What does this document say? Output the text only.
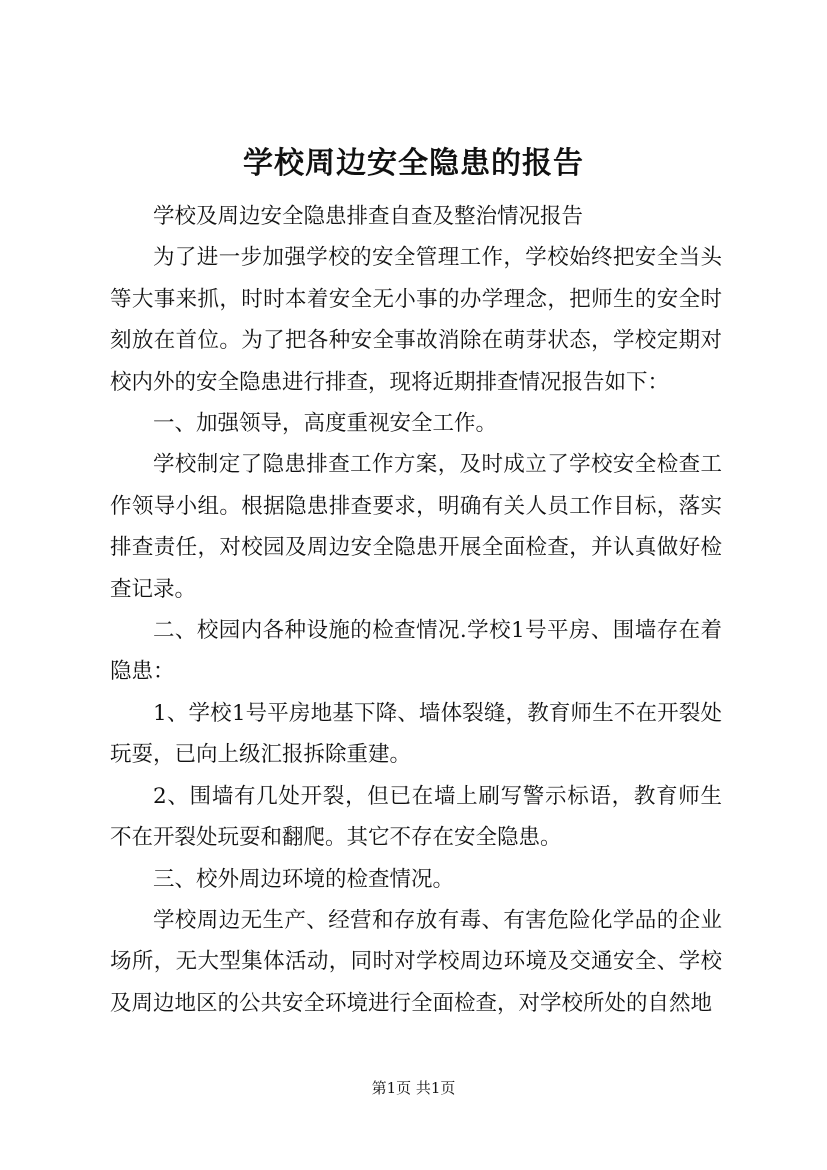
学校周边安全隐患的报告

学校及周边安全隐患排查自查及整治情况报告

为了进一步加强学校的安全管理工作，学校始终把安全当头等大事来抓，时时本着安全无小事的办学理念，把师生的安全时刻放在首位。为了把各种安全事故消除在萌芽状态，学校定期对校内外的安全隐患进行排查，现将近期排查情况报告如下：

一、加强领导，高度重视安全工作。

学校制定了隐患排查工作方案，及时成立了学校安全检查工作领导小组。根据隐患排查要求，明确有关人员工作目标，落实排查责任，对校园及周边安全隐患开展全面检查，并认真做好检查记录。

二、校园内各种设施的检查情况.学校1号平房、围墙存在着隐患：

1、学校1号平房地基下降、墙体裂缝，教育师生不在开裂处玩耍，已向上级汇报拆除重建。

2、围墙有几处开裂，但已在墙上刷写警示标语，教育师生不在开裂处玩耍和翻爬。其它不存在安全隐患。

三、校外周边环境的检查情况。

学校周边无生产、经营和存放有毒、有害危险化学品的企业场所，无大型集体活动，同时对学校周边环境及交通安全、学校及周边地区的公共安全环境进行全面检查，对学校所处的自然地

第1页 共1页
